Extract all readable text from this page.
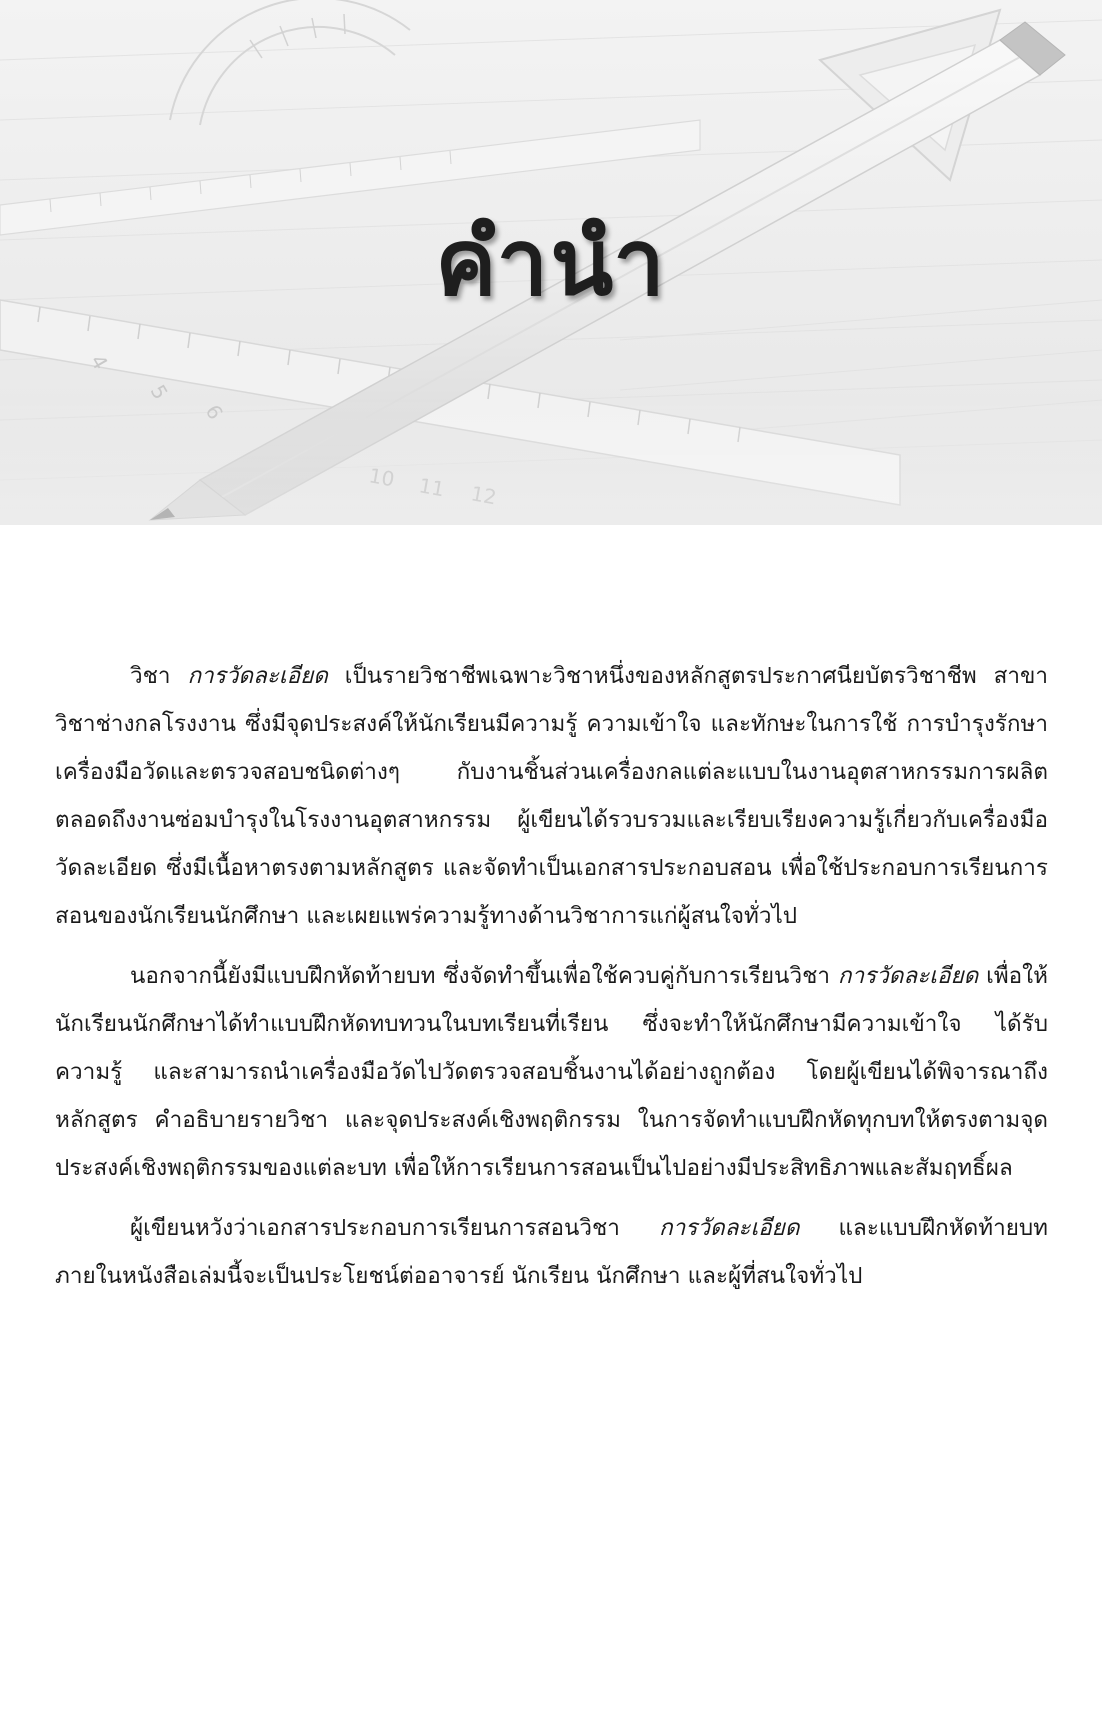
คำนำ

วิชา การวัดละเอียด เป็นรายวิชาชีพเฉพาะวิชาหนึ่งของหลักสูตรประกาศนียบัตรวิชาชีพ สาขาวิชาช่างกลโรงงาน ซึ่งมีจุดประสงค์ให้นักเรียนมีความรู้ ความเข้าใจ และทักษะในการใช้ การบำรุงรักษาเครื่องมือวัดและตรวจสอบชนิดต่างๆ กับงานชิ้นส่วนเครื่องกลแต่ละแบบในงานอุตสาหกรรมการผลิต ตลอดถึงงานซ่อมบำรุงในโรงงานอุตสาหกรรม ผู้เขียนได้รวบรวมและเรียบเรียงความรู้เกี่ยวกับเครื่องมือวัดละเอียด ซึ่งมีเนื้อหาตรงตามหลักสูตร และจัดทำเป็นเอกสารประกอบสอน เพื่อใช้ประกอบการเรียนการสอนของนักเรียนนักศึกษา และเผยแพร่ความรู้ทางด้านวิชาการแก่ผู้สนใจทั่วไป

นอกจากนี้ยังมีแบบฝึกหัดท้ายบท ซึ่งจัดทำขึ้นเพื่อใช้ควบคู่กับการเรียนวิชา การวัดละเอียด เพื่อให้นักเรียนนักศึกษาได้ทำแบบฝึกหัดทบทวนในบทเรียนที่เรียน ซึ่งจะทำให้นักศึกษามีความเข้าใจ ได้รับความรู้ และสามารถนำเครื่องมือวัดไปวัดตรวจสอบชิ้นงานได้อย่างถูกต้อง โดยผู้เขียนได้พิจารณาถึงหลักสูตร คำอธิบายรายวิชา และจุดประสงค์เชิงพฤติกรรม ในการจัดทำแบบฝึกหัดทุกบทให้ตรงตามจุดประสงค์เชิงพฤติกรรมของแต่ละบท เพื่อให้การเรียนการสอนเป็นไปอย่างมีประสิทธิภาพและสัมฤทธิ์ผล

ผู้เขียนหวังว่าเอกสารประกอบการเรียนการสอนวิชา การวัดละเอียด และแบบฝึกหัดท้ายบท ภายในหนังสือเล่มนี้จะเป็นประโยชน์ต่ออาจารย์ นักเรียน นักศึกษา และผู้ที่สนใจทั่วไป
